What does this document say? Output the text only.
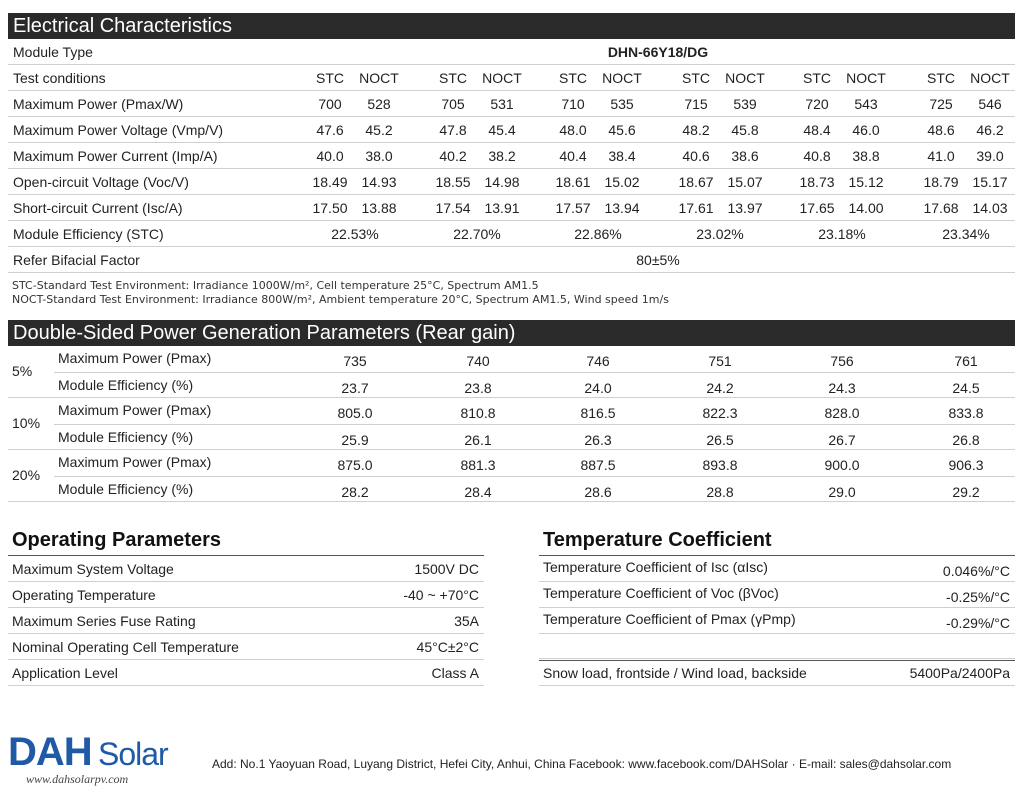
Electrical Characteristics
Module Type	DHN-66Y18/DG
Test conditions	STC NOCT	STC NOCT	STC NOCT	STC NOCT	STC NOCT	STC NOCT
Maximum Power (Pmax/W)	700 528	705 531	710 535	715 539	720 543	725 546
Maximum Power Voltage (Vmp/V)	47.6 45.2	47.8 45.4	48.0 45.6	48.2 45.8	48.4 46.0	48.6 46.2
Maximum Power Current (Imp/A)	40.0 38.0	40.2 38.2	40.4 38.4	40.6 38.6	40.8 38.8	41.0 39.0
Open-circuit Voltage (Voc/V)	18.49 14.93	18.55 14.98	18.61 15.02	18.67 15.07	18.73 15.12	18.79 15.17
Short-circuit Current (Isc/A)	17.50 13.88	17.54 13.91	17.57 13.94	17.61 13.97	17.65 14.00	17.68 14.03
Module Efficiency (STC)	22.53%	22.70%	22.86%	23.02%	23.18%	23.34%
Refer Bifacial Factor	80±5%
STC-Standard Test Environment: Irradiance 1000W/m², Cell temperature 25°C, Spectrum AM1.5
NOCT-Standard Test Environment: Irradiance 800W/m², Ambient temperature 20°C, Spectrum AM1.5, Wind speed 1m/s
Double-Sided Power Generation Parameters (Rear gain)
5%
Maximum Power (Pmax)	735	740	746	751	756	761
Module Efficiency (%)	23.7	23.8	24.0	24.2	24.3	24.5
10%
Maximum Power (Pmax)	805.0	810.8	816.5	822.3	828.0	833.8
Module Efficiency (%)	25.9	26.1	26.3	26.5	26.7	26.8
20%
Maximum Power (Pmax)	875.0	881.3	887.5	893.8	900.0	906.3
Module Efficiency (%)	28.2	28.4	28.6	28.8	29.0	29.2
Operating Parameters
Maximum System Voltage	1500V DC
Operating Temperature	-40 ~ +70°C
Maximum Series Fuse Rating	35A
Nominal Operating Cell Temperature	45°C±2°C
Application Level	Class A
Temperature Coefficient
Temperature Coefficient of Isc (αIsc)	0.046%/°C
Temperature Coefficient of Voc (βVoc)	-0.25%/°C
Temperature Coefficient of Pmax (γPmp)	-0.29%/°C
Snow load, frontside / Wind load, backside	5400Pa/2400Pa
DAH Solar
www.dahsolarpv.com
Add: No.1 Yaoyuan Road, Luyang District, Hefei City, Anhui, China Facebook: www.facebook.com/DAHSolar · E-mail: sales@dahsolar.com
